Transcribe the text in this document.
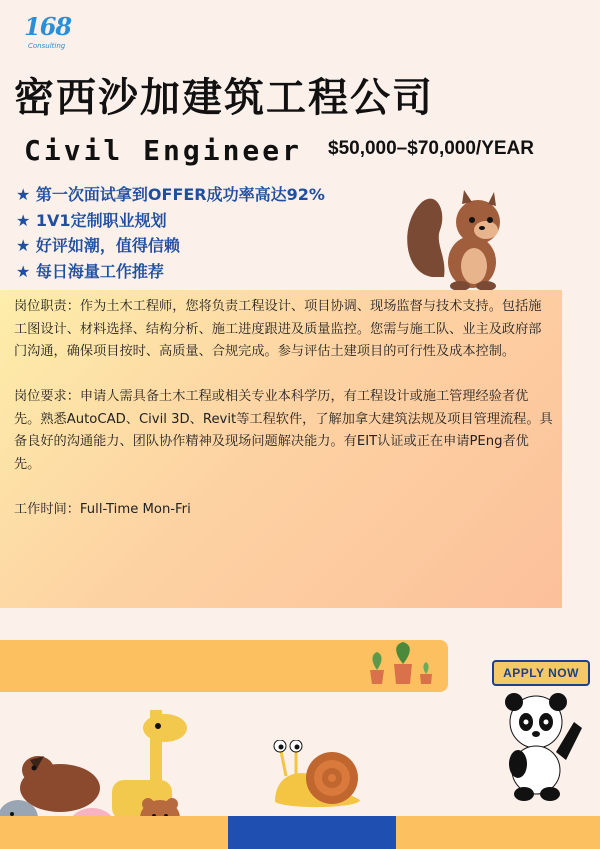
168
Consulting
密西沙加建筑工程公司
Civil Engineer $50,000–$70,000/YEAR
★ 第一次面试拿到OFFER成功率高达92%
★ 1V1定制职业规划
★ 好评如潮，值得信赖
★ 每日海量工作推荐

岗位职责：作为土木工程师，您将负责工程设计、项目协调、现场监督与技术支持。包括施工图设计、材料选择、结构分析、施工进度跟进及质量监控。您需与施工队、业主及政府部门沟通，确保项目按时、高质量、合规完成。参与评估土建项目的可行性及成本控制。

岗位要求：申请人需具备土木工程或相关专业本科学历，有工程设计或施工管理经验者优先。熟悉AutoCAD、Civil 3D、Revit等工程软件，了解加拿大建筑法规及项目管理流程。具备良好的沟通能力、团队协作精神及现场问题解决能力。有EIT认证或正在申请PEng者优先。

工作时间：Full-Time Mon-Fri

APPLY NOW
